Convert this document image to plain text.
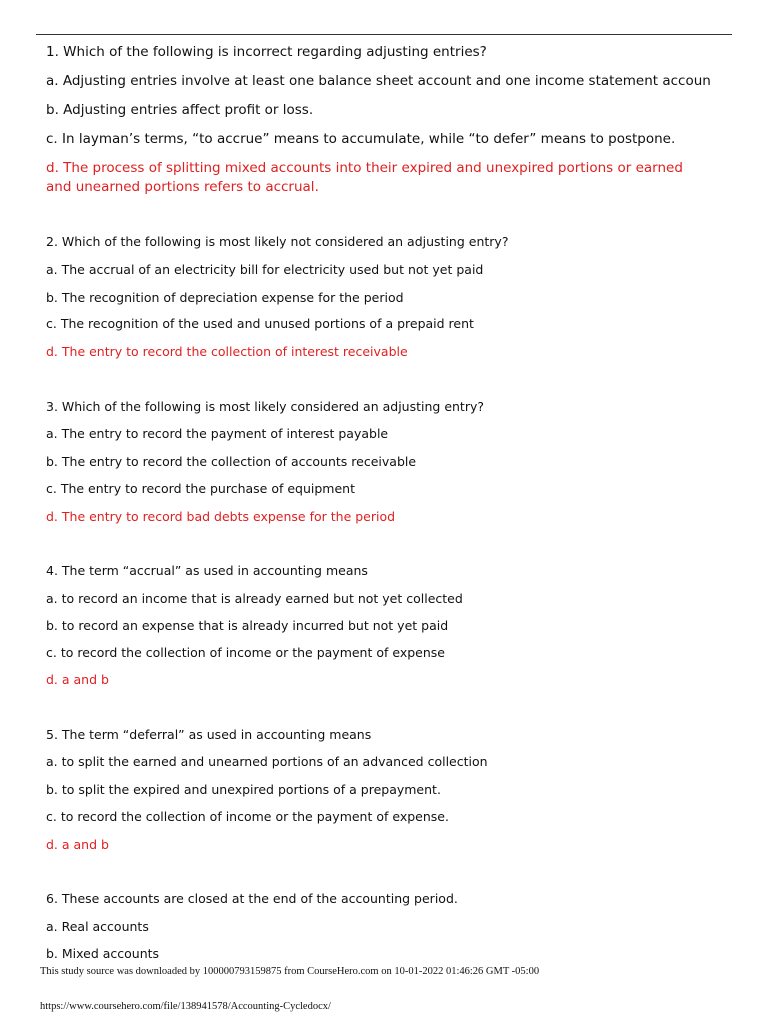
1. Which of the following is incorrect regarding adjusting entries?
a. Adjusting entries involve at least one balance sheet account and one income statement accoun
b. Adjusting entries affect profit or loss.
c. In layman’s terms, “to accrue” means to accumulate, while “to defer” means to postpone.
d. The process of splitting mixed accounts into their expired and unexpired portions or earned and unearned portions refers to accrual.
2. Which of the following is most likely not considered an adjusting entry?
a. The accrual of an electricity bill for electricity used but not yet paid
b. The recognition of depreciation expense for the period
c. The recognition of the used and unused portions of a prepaid rent
d. The entry to record the collection of interest receivable
3. Which of the following is most likely considered an adjusting entry?
a. The entry to record the payment of interest payable
b. The entry to record the collection of accounts receivable
c. The entry to record the purchase of equipment
d. The entry to record bad debts expense for the period
4. The term “accrual” as used in accounting means
a. to record an income that is already earned but not yet collected
b. to record an expense that is already incurred but not yet paid
c. to record the collection of income or the payment of expense
d. a and b
5. The term “deferral” as used in accounting means
a. to split the earned and unearned portions of an advanced collection
b. to split the expired and unexpired portions of a prepayment.
c. to record the collection of income or the payment of expense.
d. a and b
6. These accounts are closed at the end of the accounting period.
a. Real accounts
b. Mixed accounts
This study source was downloaded by 100000793159875 from CourseHero.com on 10-01-2022 01:46:26 GMT -05:00
https://www.coursehero.com/file/138941578/Accounting-Cycledocx/
